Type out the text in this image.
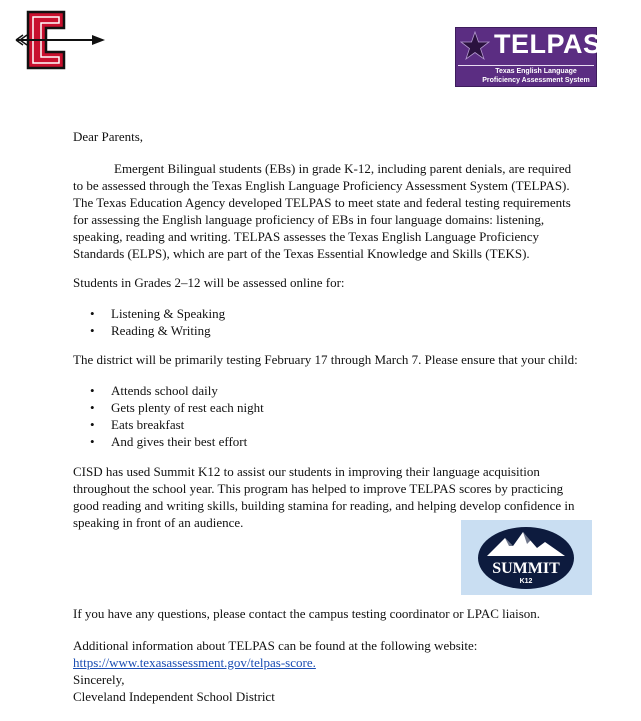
TELPAS
Texas English Language
Proficiency Assessment System

Dear Parents,

Emergent Bilingual students (EBs) in grade K-12, including parent denials, are required to be assessed through the Texas English Language Proficiency Assessment System (TELPAS). The Texas Education Agency developed TELPAS to meet state and federal testing requirements for assessing the English language proficiency of EBs in four language domains: listening, speaking, reading and writing. TELPAS assesses the Texas English Language Proficiency Standards (ELPS), which are part of the Texas Essential Knowledge and Skills (TEKS).

Students in Grades 2–12 will be assessed online for:

• Listening & Speaking
• Reading & Writing

The district will be primarily testing February 17 through March 7. Please ensure that your child:

• Attends school daily
• Gets plenty of rest each night
• Eats breakfast
• And gives their best effort

CISD has used Summit K12 to assist our students in improving their language acquisition throughout the school year. This program has helped to improve TELPAS scores by practicing good reading and writing skills, building stamina for reading, and helping develop confidence in speaking in front of an audience.

SUMMIT
K12

If you have any questions, please contact the campus testing coordinator or LPAC liaison.

Additional information about TELPAS can be found at the following website:

https://www.texasassessment.gov/telpas-score.

Sincerely,

Cleveland Independent School District
